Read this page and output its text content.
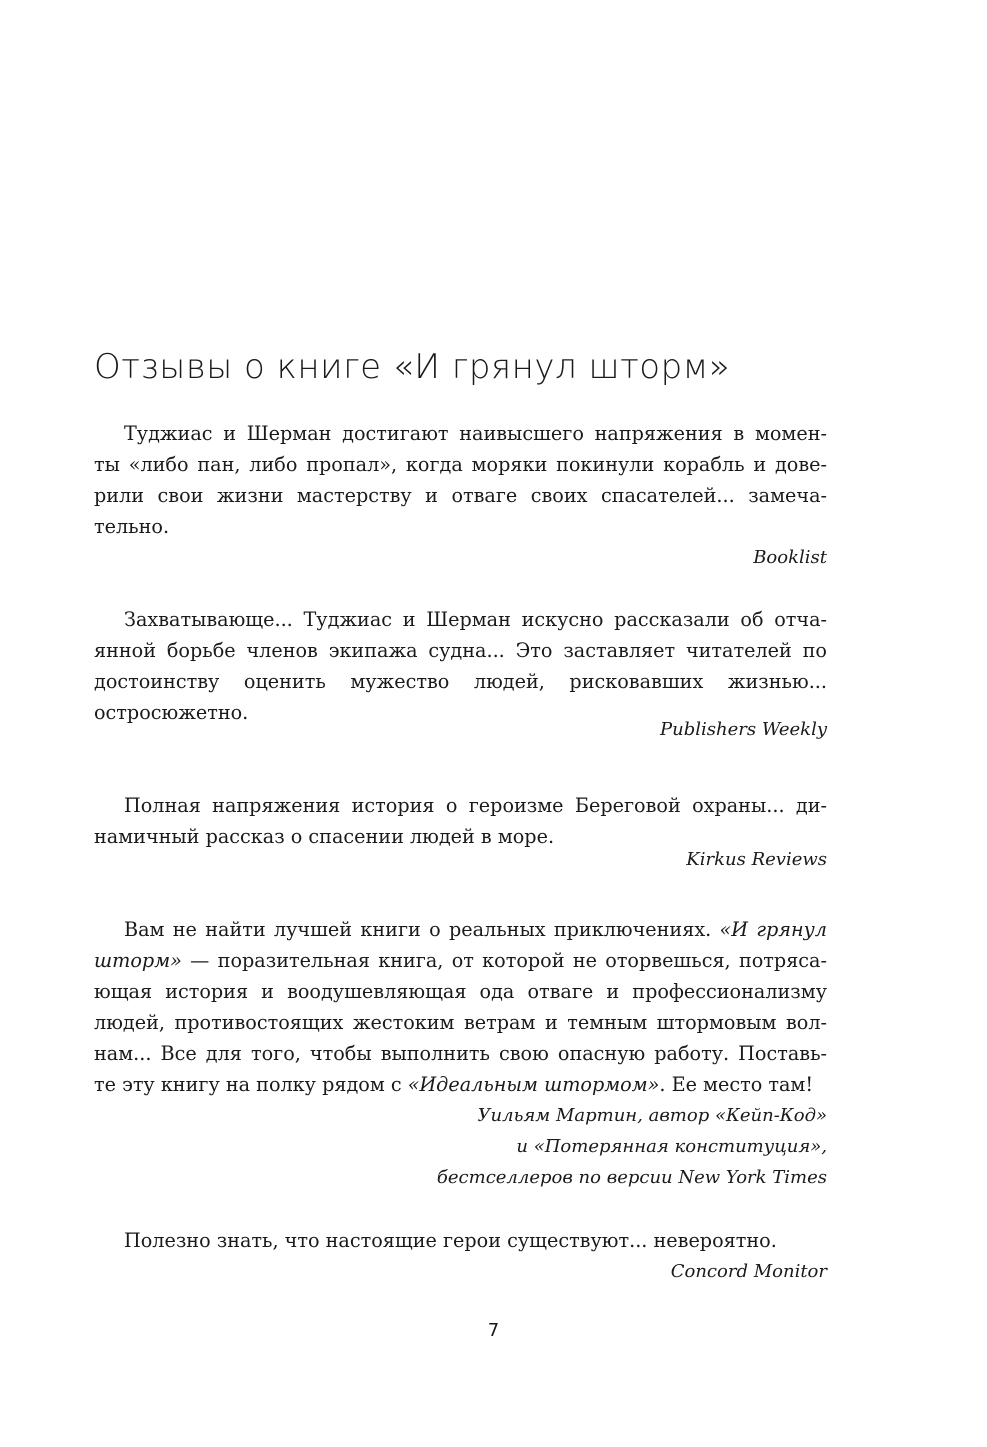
Отзывы о книге «И грянул шторм»
Туджиас и Шерман достигают наивысшего напряжения в момен-
ты «либо пан, либо пропал», когда моряки покинули корабль и дове-
рили свои жизни мастерству и отваге своих спасателей... замеча-
тельно.
Booklist
Захватывающе... Туджиас и Шерман искусно рассказали об отча-
янной борьбе членов экипажа судна... Это заставляет читателей по
достоинству оценить мужество людей, рисковавших жизнью...
остросюжетно.
Publishers Weekly
Полная напряжения история о героизме Береговой охраны... ди-
намичный рассказ о спасении людей в море.
Kirkus Reviews
Вам не найти лучшей книги о реальных приключениях. «И грянул
шторм» — поразительная книга, от которой не оторвешься, потряса-
ющая история и воодушевляющая ода отваге и профессионализму
людей, противостоящих жестоким ветрам и темным штормовым вол-
нам... Все для того, чтобы выполнить свою опасную работу. Поставь-
те эту книгу на полку рядом с «Идеальным штормом». Ее место там!
Уильям Мартин, автор «Кейп-Код»
и «Потерянная конституция»,
бестселлеров по версии New York Times
Полезно знать, что настоящие герои существуют... невероятно.
Concord Monitor
7
